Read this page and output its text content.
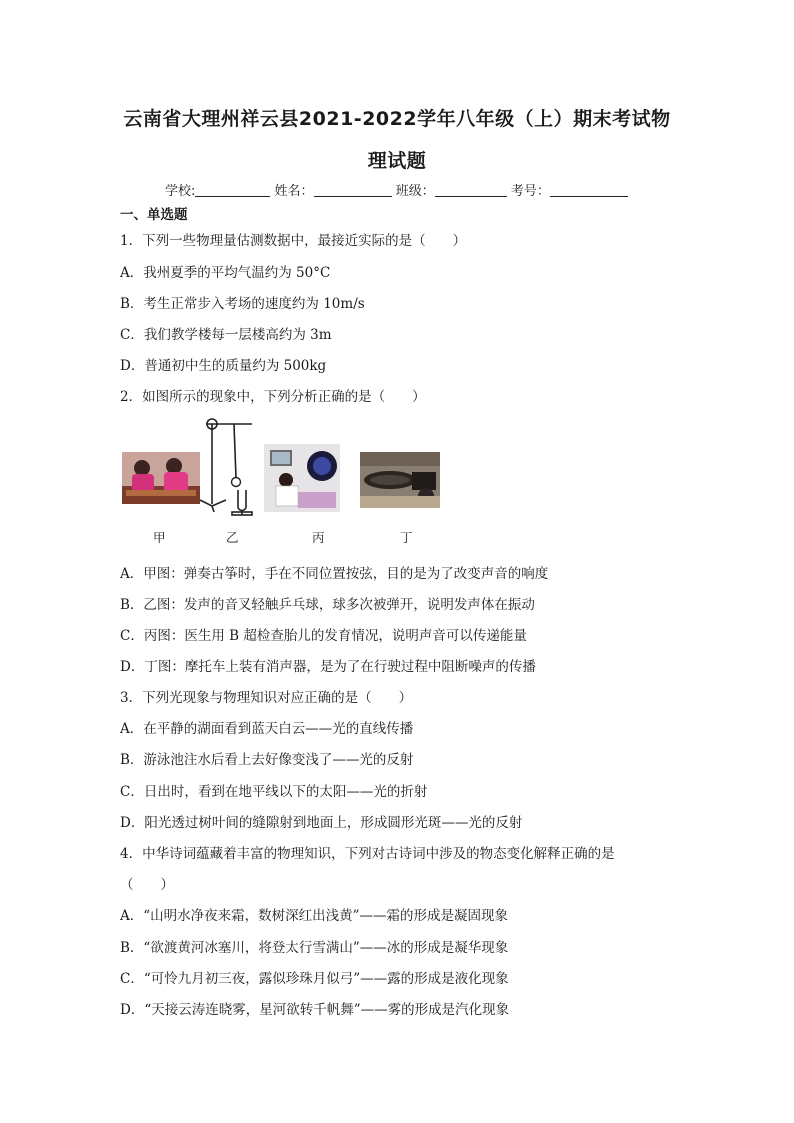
云南省大理州祥云县2021-2022学年八年级（上）期末考试物
理试题
学校:	姓名：	班级：	考号：
一、单选题
1．下列一些物理量估测数据中，最接近实际的是（　　）
A．我州夏季的平均气温约为 50°C
B．考生正常步入考场的速度约为 10m/s
C．我们教学楼每一层楼高约为 3m
D．普通初中生的质量约为 500kg
2．如图所示的现象中，下列分析正确的是（　　）
甲	乙	丙	丁
A．甲图：弹奏古筝时，手在不同位置按弦，目的是为了改变声音的响度
B．乙图：发声的音叉轻触乒乓球，球多次被弹开，说明发声体在振动
C．丙图：医生用 B 超检查胎儿的发育情况，说明声音可以传递能量
D．丁图：摩托车上装有消声器，是为了在行驶过程中阻断噪声的传播
3．下列光现象与物理知识对应正确的是（　　）
A．在平静的湖面看到蓝天白云——光的直线传播
B．游泳池注水后看上去好像变浅了——光的反射
C．日出时，看到在地平线以下的太阳——光的折射
D．阳光透过树叶间的缝隙射到地面上，形成圆形光斑——光的反射
4．中华诗词蕴藏着丰富的物理知识，下列对古诗词中涉及的物态变化解释正确的是
（　　）
A．“山明水净夜来霜，数树深红出浅黄”——霜的形成是凝固现象
B．“欲渡黄河冰塞川，将登太行雪满山”——冰的形成是凝华现象
C．“可怜九月初三夜，露似珍珠月似弓”——露的形成是液化现象
D．“天接云涛连晓雾，星河欲转千帆舞”——雾的形成是汽化现象
